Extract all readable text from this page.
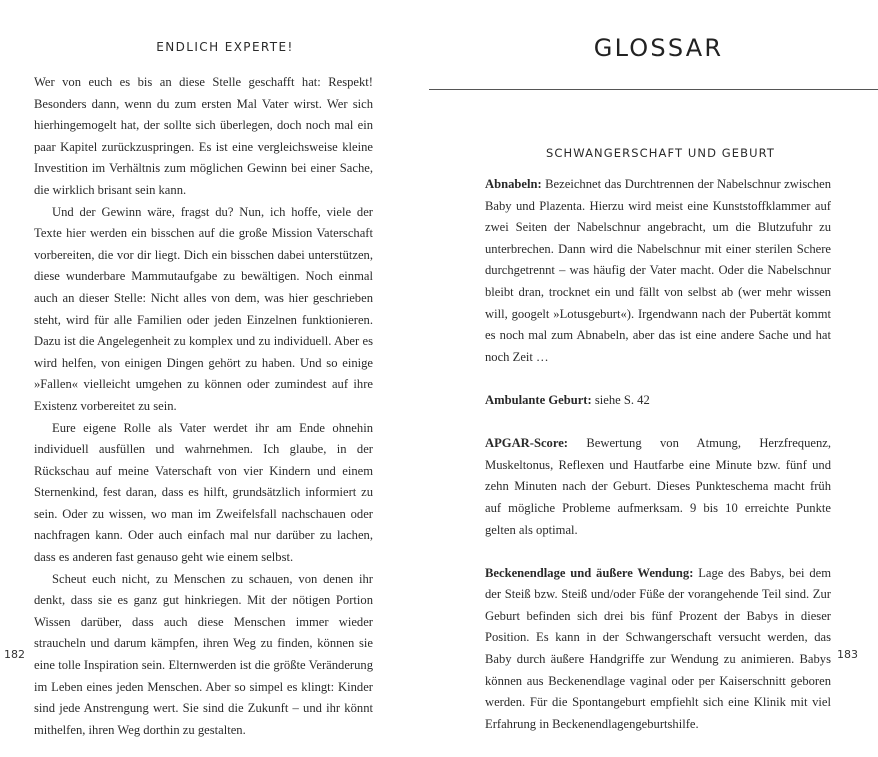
ENDLICH EXPERTE!

Wer von euch es bis an diese Stelle geschafft hat: Respekt! Besonders dann, wenn du zum ersten Mal Vater wirst. Wer sich hierhingemogelt hat, der sollte sich überlegen, doch noch mal ein paar Kapitel zurückzuspringen. Es ist eine vergleichsweise kleine Investition im Verhältnis zum möglichen Gewinn bei einer Sache, die wirklich brisant sein kann.

Und der Gewinn wäre, fragst du? Nun, ich hoffe, viele der Texte hier werden ein bisschen auf die große Mission Vaterschaft vorbereiten, die vor dir liegt. Dich ein bisschen dabei unterstützen, diese wunderbare Mammutaufgabe zu bewältigen. Noch einmal auch an dieser Stelle: Nicht alles von dem, was hier geschrieben steht, wird für alle Familien oder jeden Einzelnen funktionieren. Dazu ist die Angelegenheit zu komplex und zu individuell. Aber es wird helfen, von einigen Dingen gehört zu haben. Und so einige »Fallen« vielleicht umgehen zu können oder zumindest auf ihre Existenz vorbereitet zu sein.

Eure eigene Rolle als Vater werdet ihr am Ende ohnehin individuell ausfüllen und wahrnehmen. Ich glaube, in der Rückschau auf meine Vaterschaft von vier Kindern und einem Sternenkind, fest daran, dass es hilft, grundsätzlich informiert zu sein. Oder zu wissen, wo man im Zweifelsfall nachschauen oder nachfragen kann. Oder auch einfach mal nur darüber zu lachen, dass es anderen fast genauso geht wie einem selbst.

Scheut euch nicht, zu Menschen zu schauen, von denen ihr denkt, dass sie es ganz gut hinkriegen. Mit der nötigen Portion Wissen darüber, dass auch diese Menschen immer wieder straucheln und darum kämpfen, ihren Weg zu finden, können sie eine tolle Inspiration sein. Elternwerden ist die größte Veränderung im Leben eines jeden Menschen. Aber so simpel es klingt: Kinder sind jede Anstrengung wert. Sie sind die Zukunft – und ihr könnt mithelfen, ihren Weg dorthin zu gestalten.

182
GLOSSAR
SCHWANGERSCHAFT UND GEBURT

Abnabeln: Bezeichnet das Durchtrennen der Nabelschnur zwischen Baby und Plazenta. Hierzu wird meist eine Kunststoffklammer auf zwei Seiten der Nabelschnur angebracht, um die Blutzufuhr zu unterbrechen. Dann wird die Nabelschnur mit einer sterilen Schere durchgetrennt – was häufig der Vater macht. Oder die Nabelschnur bleibt dran, trocknet ein und fällt von selbst ab (wer mehr wissen will, googelt »Lotusgeburt«). Irgendwann nach der Pubertät kommt es noch mal zum Abnabeln, aber das ist eine andere Sache und hat noch Zeit …

Ambulante Geburt: siehe S. 42

APGAR-Score: Bewertung von Atmung, Herzfrequenz, Muskeltonus, Reflexen und Hautfarbe eine Minute bzw. fünf und zehn Minuten nach der Geburt. Dieses Punkteschema macht früh auf mögliche Probleme aufmerksam. 9 bis 10 erreichte Punkte gelten als optimal.

Beckenendlage und äußere Wendung: Lage des Babys, bei dem der Steiß bzw. Steiß und/oder Füße der vorangehende Teil sind. Zur Geburt befinden sich drei bis fünf Prozent der Babys in dieser Position. Es kann in der Schwangerschaft versucht werden, das Baby durch äußere Handgriffe zur Wendung zu animieren. Babys können aus Beckenendlage vaginal oder per Kaiserschnitt geboren werden. Für die Spontangeburt empfiehlt sich eine Klinik mit viel Erfahrung in Beckenendlagengeburtshilfe.

183
